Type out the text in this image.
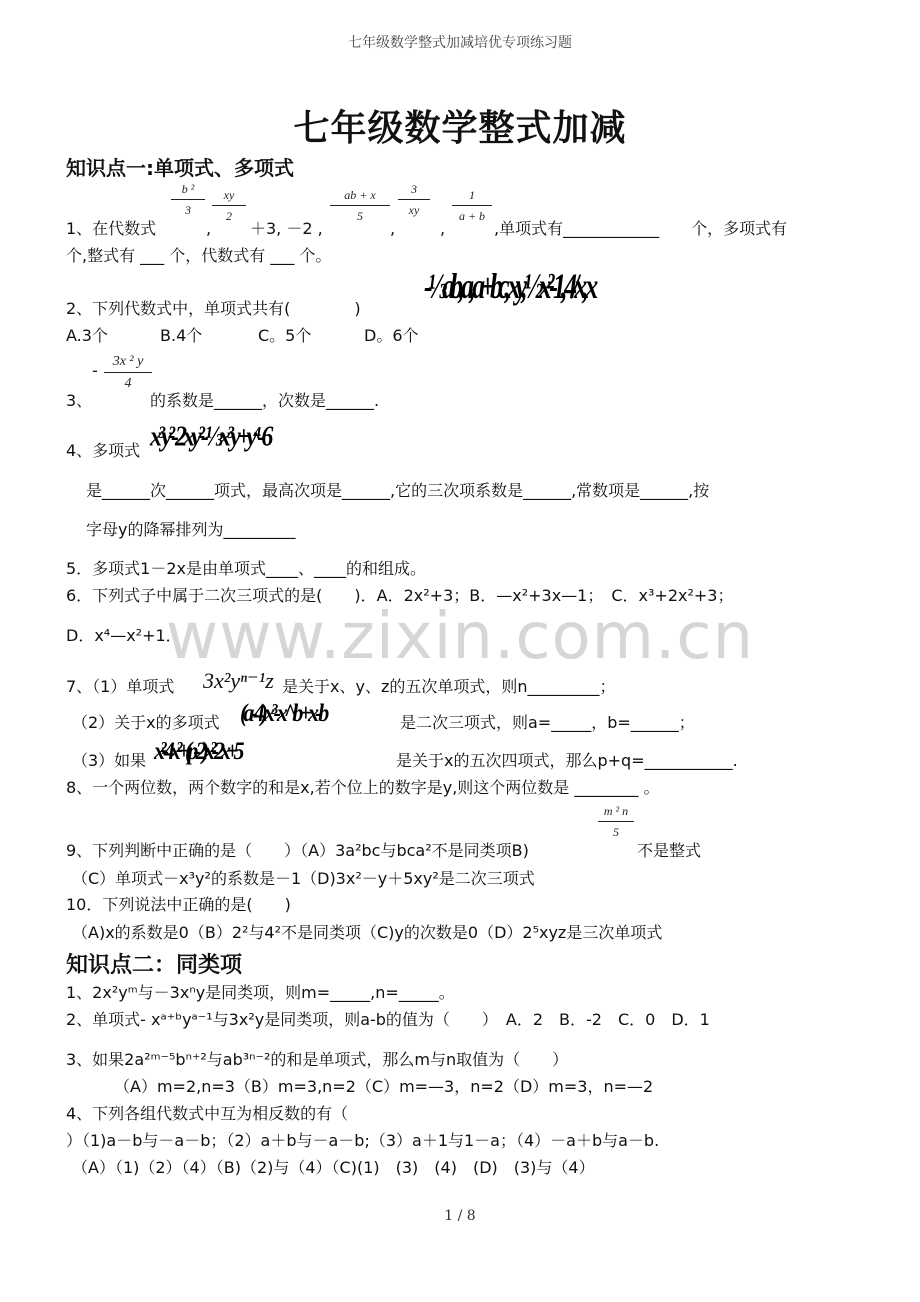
七年级数学整式加减培优专项练习题
七年级数学整式加减
www.zixin.com.cn
知识点一:单项式、多项式
$\frac{\text{b ²}}{3} \frac{xy}{2}$	$\frac{ab + x}{5} \frac{3}{xy} \frac{1}{a + b}$
1、在代数式	, ＋3, －2 ,	,	,	,单项式有____________　　个，多项式有
个,整式有 ___ 个，代数式有 ___ 个。
2、下列代数式中，单项式共有(　　　　)
-⅓ab, a, a+bc, xy, ½x²-1, 4/x, x
A.3个	B.4个	C。5个	D。6个
$\frac{\text{3x ² y}}{4}$
-
3、	的系数是______，次数是______.
4、多项式 x³y²-2xy²-⅓x³y+y⁴-6
是______次______项式，最高次项是______,它的三次项系数是______,常数项是______,按
字母y的降幂排列为_________
5．多项式1－2x是由单项式____、____的和组成。
6．下列式子中属于二次三项式的是(　　)．A．2x²+3；B．—x²+3x—1；　C．x³+2x²+3；
D．x⁴—x²+1．
7、（1）单项式 3x²yⁿ⁻¹z 是关于x、y、z的五次单项式，则n_________；
（2）关于x的多项式 (a-4)x³-x^b+x-b	是二次三项式，则a=_____，b=______；
（3）如果 x²-4x²+(p-2)x²-2x+5	是关于x的五次四项式，那么p+q=___________.
8、一个两位数，两个数字的和是x,若个位上的数字是y,则这个两位数是 ________ 。
$\frac{\text{m ² n}}{5}$
9、下列判断中正确的是（　　）（A）3a²bc与bca²不是同类项B)	不是整式
（C）单项式－x³y²的系数是－1（D)3x²－y＋5xy²是二次三项式
10．下列说法中正确的是(　　)
（A)x的系数是0（B）2²与4²不是同类项（C)y的次数是0（D）2⁵xyz是三次单项式
知识点二：同类项
1、2x²yᵐ与－3xⁿy是同类项，则m=_____,n=_____。
2、单项式- xᵃ⁺ᵇyᵃ⁻¹与3x²y是同类项，则a-b的值为（　　）　A．2　B．-2　C．0　D．1
3、如果2a²ᵐ⁻⁵bⁿ⁺²与ab³ⁿ⁻²的和是单项式，那么m与n取值为（　　）
（A）m=2,n=3（B）m=3,n=2（C）m=—3，n=2（D）m=3，n=—2
4、下列各组代数式中互为相反数的有（
）（1)a－b与－a－b；（2）a＋b与－a－b;（3）a＋1与1－a；（4）－a＋b与a－b.
（A）（1)（2）（4）（B)（2)与（4）（C)(1)　(3)　(4)　(D)　(3)与（4）
1 / 8
